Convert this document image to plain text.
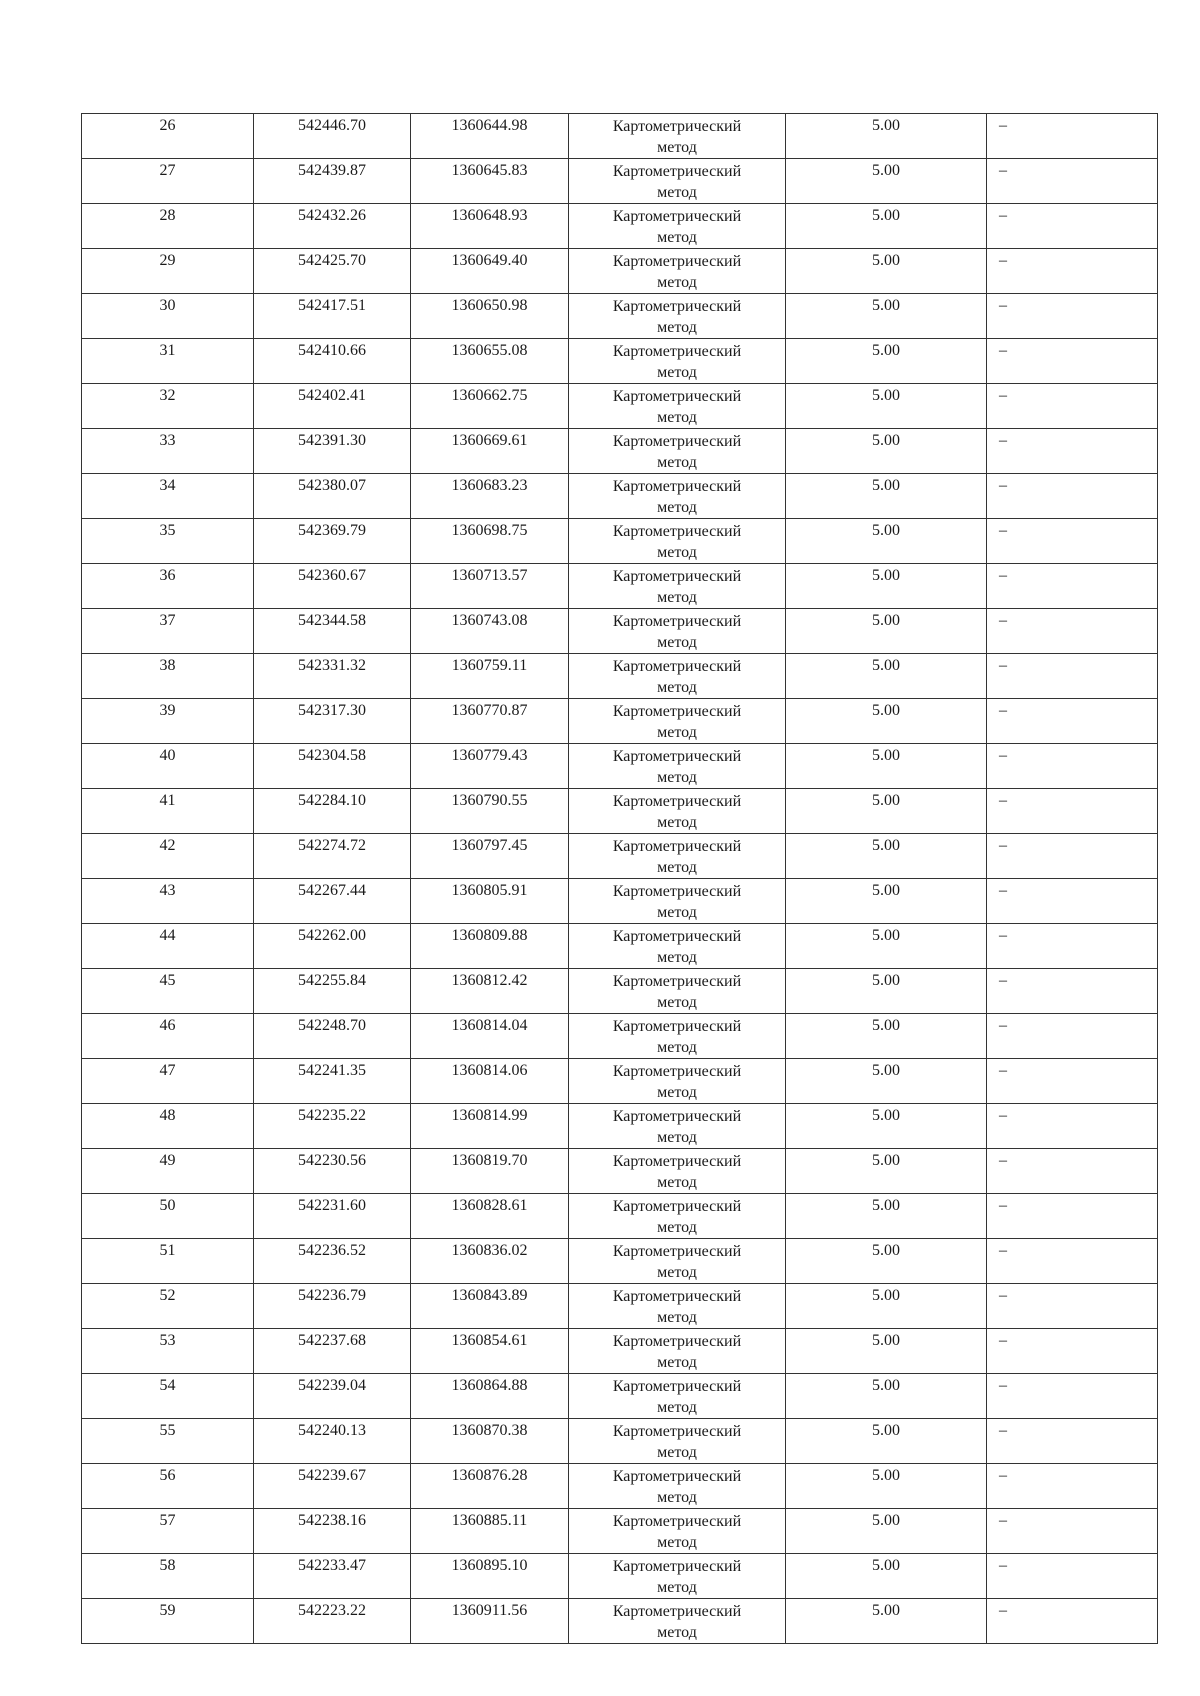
26	542446.70	1360644.98	Картометрический метод	5.00	–
27	542439.87	1360645.83	Картометрический метод	5.00	–
28	542432.26	1360648.93	Картометрический метод	5.00	–
29	542425.70	1360649.40	Картометрический метод	5.00	–
30	542417.51	1360650.98	Картометрический метод	5.00	–
31	542410.66	1360655.08	Картометрический метод	5.00	–
32	542402.41	1360662.75	Картометрический метод	5.00	–
33	542391.30	1360669.61	Картометрический метод	5.00	–
34	542380.07	1360683.23	Картометрический метод	5.00	–
35	542369.79	1360698.75	Картометрический метод	5.00	–
36	542360.67	1360713.57	Картометрический метод	5.00	–
37	542344.58	1360743.08	Картометрический метод	5.00	–
38	542331.32	1360759.11	Картометрический метод	5.00	–
39	542317.30	1360770.87	Картометрический метод	5.00	–
40	542304.58	1360779.43	Картометрический метод	5.00	–
41	542284.10	1360790.55	Картометрический метод	5.00	–
42	542274.72	1360797.45	Картометрический метод	5.00	–
43	542267.44	1360805.91	Картометрический метод	5.00	–
44	542262.00	1360809.88	Картометрический метод	5.00	–
45	542255.84	1360812.42	Картометрический метод	5.00	–
46	542248.70	1360814.04	Картометрический метод	5.00	–
47	542241.35	1360814.06	Картометрический метод	5.00	–
48	542235.22	1360814.99	Картометрический метод	5.00	–
49	542230.56	1360819.70	Картометрический метод	5.00	–
50	542231.60	1360828.61	Картометрический метод	5.00	–
51	542236.52	1360836.02	Картометрический метод	5.00	–
52	542236.79	1360843.89	Картометрический метод	5.00	–
53	542237.68	1360854.61	Картометрический метод	5.00	–
54	542239.04	1360864.88	Картометрический метод	5.00	–
55	542240.13	1360870.38	Картометрический метод	5.00	–
56	542239.67	1360876.28	Картометрический метод	5.00	–
57	542238.16	1360885.11	Картометрический метод	5.00	–
58	542233.47	1360895.10	Картометрический метод	5.00	–
59	542223.22	1360911.56	Картометрический метод	5.00	–
